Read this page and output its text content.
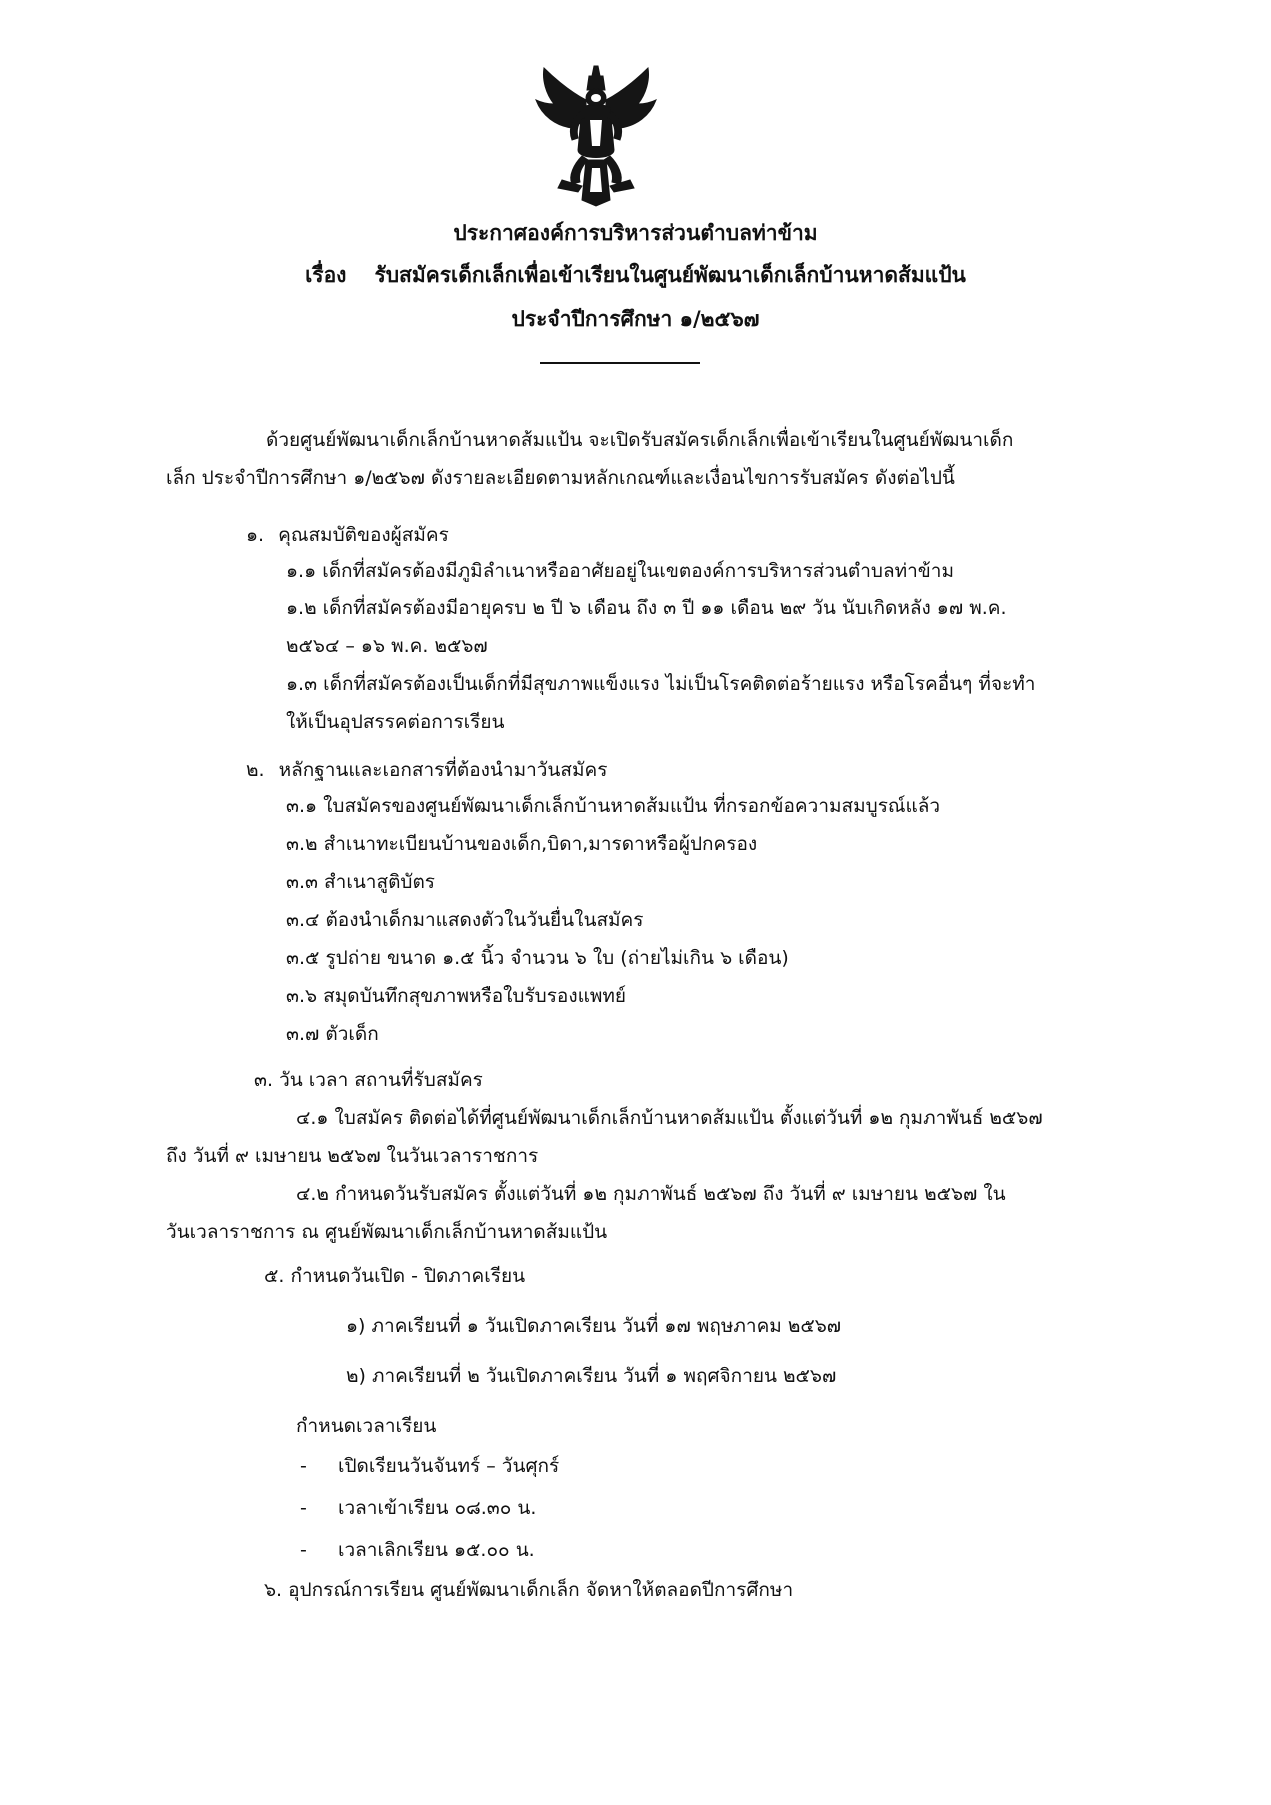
ประกาศองค์การบริหารส่วนตำบลท่าข้าม
เรื่อง รับสมัครเด็กเล็กเพื่อเข้าเรียนในศูนย์พัฒนาเด็กเล็กบ้านหาดส้มแป้น
ประจำปีการศึกษา ๑/๒๕๖๗
ด้วยศูนย์พัฒนาเด็กเล็กบ้านหาดส้มแป้น จะเปิดรับสมัครเด็กเล็กเพื่อเข้าเรียนในศูนย์พัฒนาเด็ก
เล็ก ประจำปีการศึกษา ๑/๒๕๖๗ ดังรายละเอียดตามหลักเกณฑ์และเงื่อนไขการรับสมัคร ดังต่อไปนี้
๑. คุณสมบัติของผู้สมัคร
๑.๑ เด็กที่สมัครต้องมีภูมิลำเนาหรืออาศัยอยู่ในเขตองค์การบริหารส่วนตำบลท่าข้าม
๑.๒ เด็กที่สมัครต้องมีอายุครบ ๒ ปี ๖ เดือน ถึง ๓ ปี ๑๑ เดือน ๒๙ วัน นับเกิดหลัง ๑๗ พ.ค.
๒๕๖๔ – ๑๖ พ.ค. ๒๕๖๗
๑.๓ เด็กที่สมัครต้องเป็นเด็กที่มีสุขภาพแข็งแรง ไม่เป็นโรคติดต่อร้ายแรง หรือโรคอื่นๆ ที่จะทำ
ให้เป็นอุปสรรคต่อการเรียน
๒. หลักฐานและเอกสารที่ต้องนำมาวันสมัคร
๓.๑ ใบสมัครของศูนย์พัฒนาเด็กเล็กบ้านหาดส้มแป้น ที่กรอกข้อความสมบูรณ์แล้ว
๓.๒ สำเนาทะเบียนบ้านของเด็ก,บิดา,มารดาหรือผู้ปกครอง
๓.๓ สำเนาสูติบัตร
๓.๔ ต้องนำเด็กมาแสดงตัวในวันยื่นในสมัคร
๓.๕ รูปถ่าย ขนาด ๑.๕ นิ้ว จำนวน ๖ ใบ (ถ่ายไม่เกิน ๖ เดือน)
๓.๖ สมุดบันทึกสุขภาพหรือใบรับรองแพทย์
๓.๗ ตัวเด็ก
๓. วัน เวลา สถานที่รับสมัคร
๔.๑ ใบสมัคร ติดต่อได้ที่ศูนย์พัฒนาเด็กเล็กบ้านหาดส้มแป้น ตั้งแต่วันที่ ๑๒ กุมภาพันธ์ ๒๕๖๗
ถึง วันที่ ๙ เมษายน ๒๕๖๗ ในวันเวลาราชการ
๔.๒ กำหนดวันรับสมัคร ตั้งแต่วันที่ ๑๒ กุมภาพันธ์ ๒๕๖๗ ถึง วันที่ ๙ เมษายน ๒๕๖๗ ใน
วันเวลาราชการ ณ ศูนย์พัฒนาเด็กเล็กบ้านหาดส้มแป้น
๕. กำหนดวันเปิด - ปิดภาคเรียน
๑) ภาคเรียนที่ ๑ วันเปิดภาคเรียน วันที่ ๑๗ พฤษภาคม ๒๕๖๗
๒) ภาคเรียนที่ ๒ วันเปิดภาคเรียน วันที่ ๑ พฤศจิกายน ๒๕๖๗
กำหนดเวลาเรียน
- เปิดเรียนวันจันทร์ – วันศุกร์
- เวลาเข้าเรียน ๐๘.๓๐ น.
- เวลาเลิกเรียน ๑๕.๐๐ น.
๖. อุปกรณ์การเรียน ศูนย์พัฒนาเด็กเล็ก จัดหาให้ตลอดปีการศึกษา
